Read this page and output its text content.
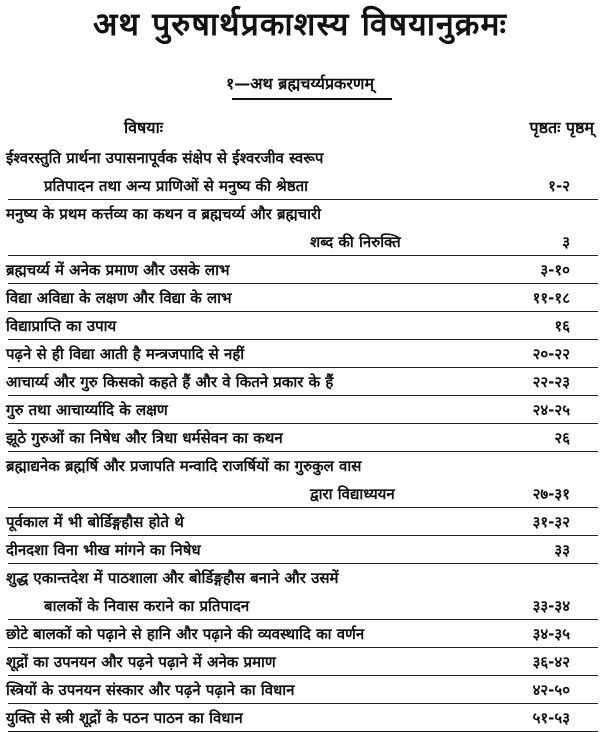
अथ पुरुषार्थप्रकाशस्य विषयानुक्रमः
१—अथ ब्रह्मचर्य्यप्रकरणम्
विषयाः	पृष्ठतः पृष्ठम्
ईश्वरस्तुति प्रार्थना उपासनापूर्वक संक्षेप से ईश्वरजीव स्वरूप
प्रतिपादन तथा अन्य प्राणिओं से मनुष्य की श्रेष्ठता	१-२
मनुष्य के प्रथम कर्त्तव्य का कथन व ब्रह्मचर्य्य और ब्रह्मचारी
शब्द की निरुक्ति	३
ब्रह्मचर्य्य में अनेक प्रमाण और उसके लाभ	३-१०
विद्या अविद्या के लक्षण और विद्या के लाभ	११-१८
विद्याप्राप्ति का उपाय	१६
पढ़ने से ही विद्या आती है मन्त्रजपादि से नहीं	२०-२२
आचार्य्य और गुरु किसको कहते हैं और वे कितने प्रकार के हैं	२२-२३
गुरु तथा आचार्य्यादि के लक्षण	२४-२५
झूठे गुरुओं का निषेध और त्रिधा धर्मसेवन का कथन	२६
ब्रह्माद्यनेक ब्रह्मर्षि और प्रजापति मन्वादि राजर्षियों का गुरुकुल वास
द्वारा विद्याध्ययन	२७-३१
पूर्वकाल में भी बोर्डिङ्गहौस होते थे	३१-३२
दीनदशा विना भीख मांगने का निषेध	३३
शुद्ध एकान्तदेश में पाठशाला और बोर्डिङ्गहौस बनाने और उसमें
बालकों के निवास कराने का प्रतिपादन	३३-३४
छोटे बालकों को पढ़ाने से हानि और पढ़ाने की व्यवस्थादि का वर्णन	३४-३५
शूद्रों का उपनयन और पढ़ने पढ़ाने में अनेक प्रमाण	३६-४२
स्त्रियों के उपनयन संस्कार और पढ़ने पढ़ाने का विधान	४२-५०
युक्ति से स्त्री शूद्रों के पठन पाठन का विधान	५१-५३
